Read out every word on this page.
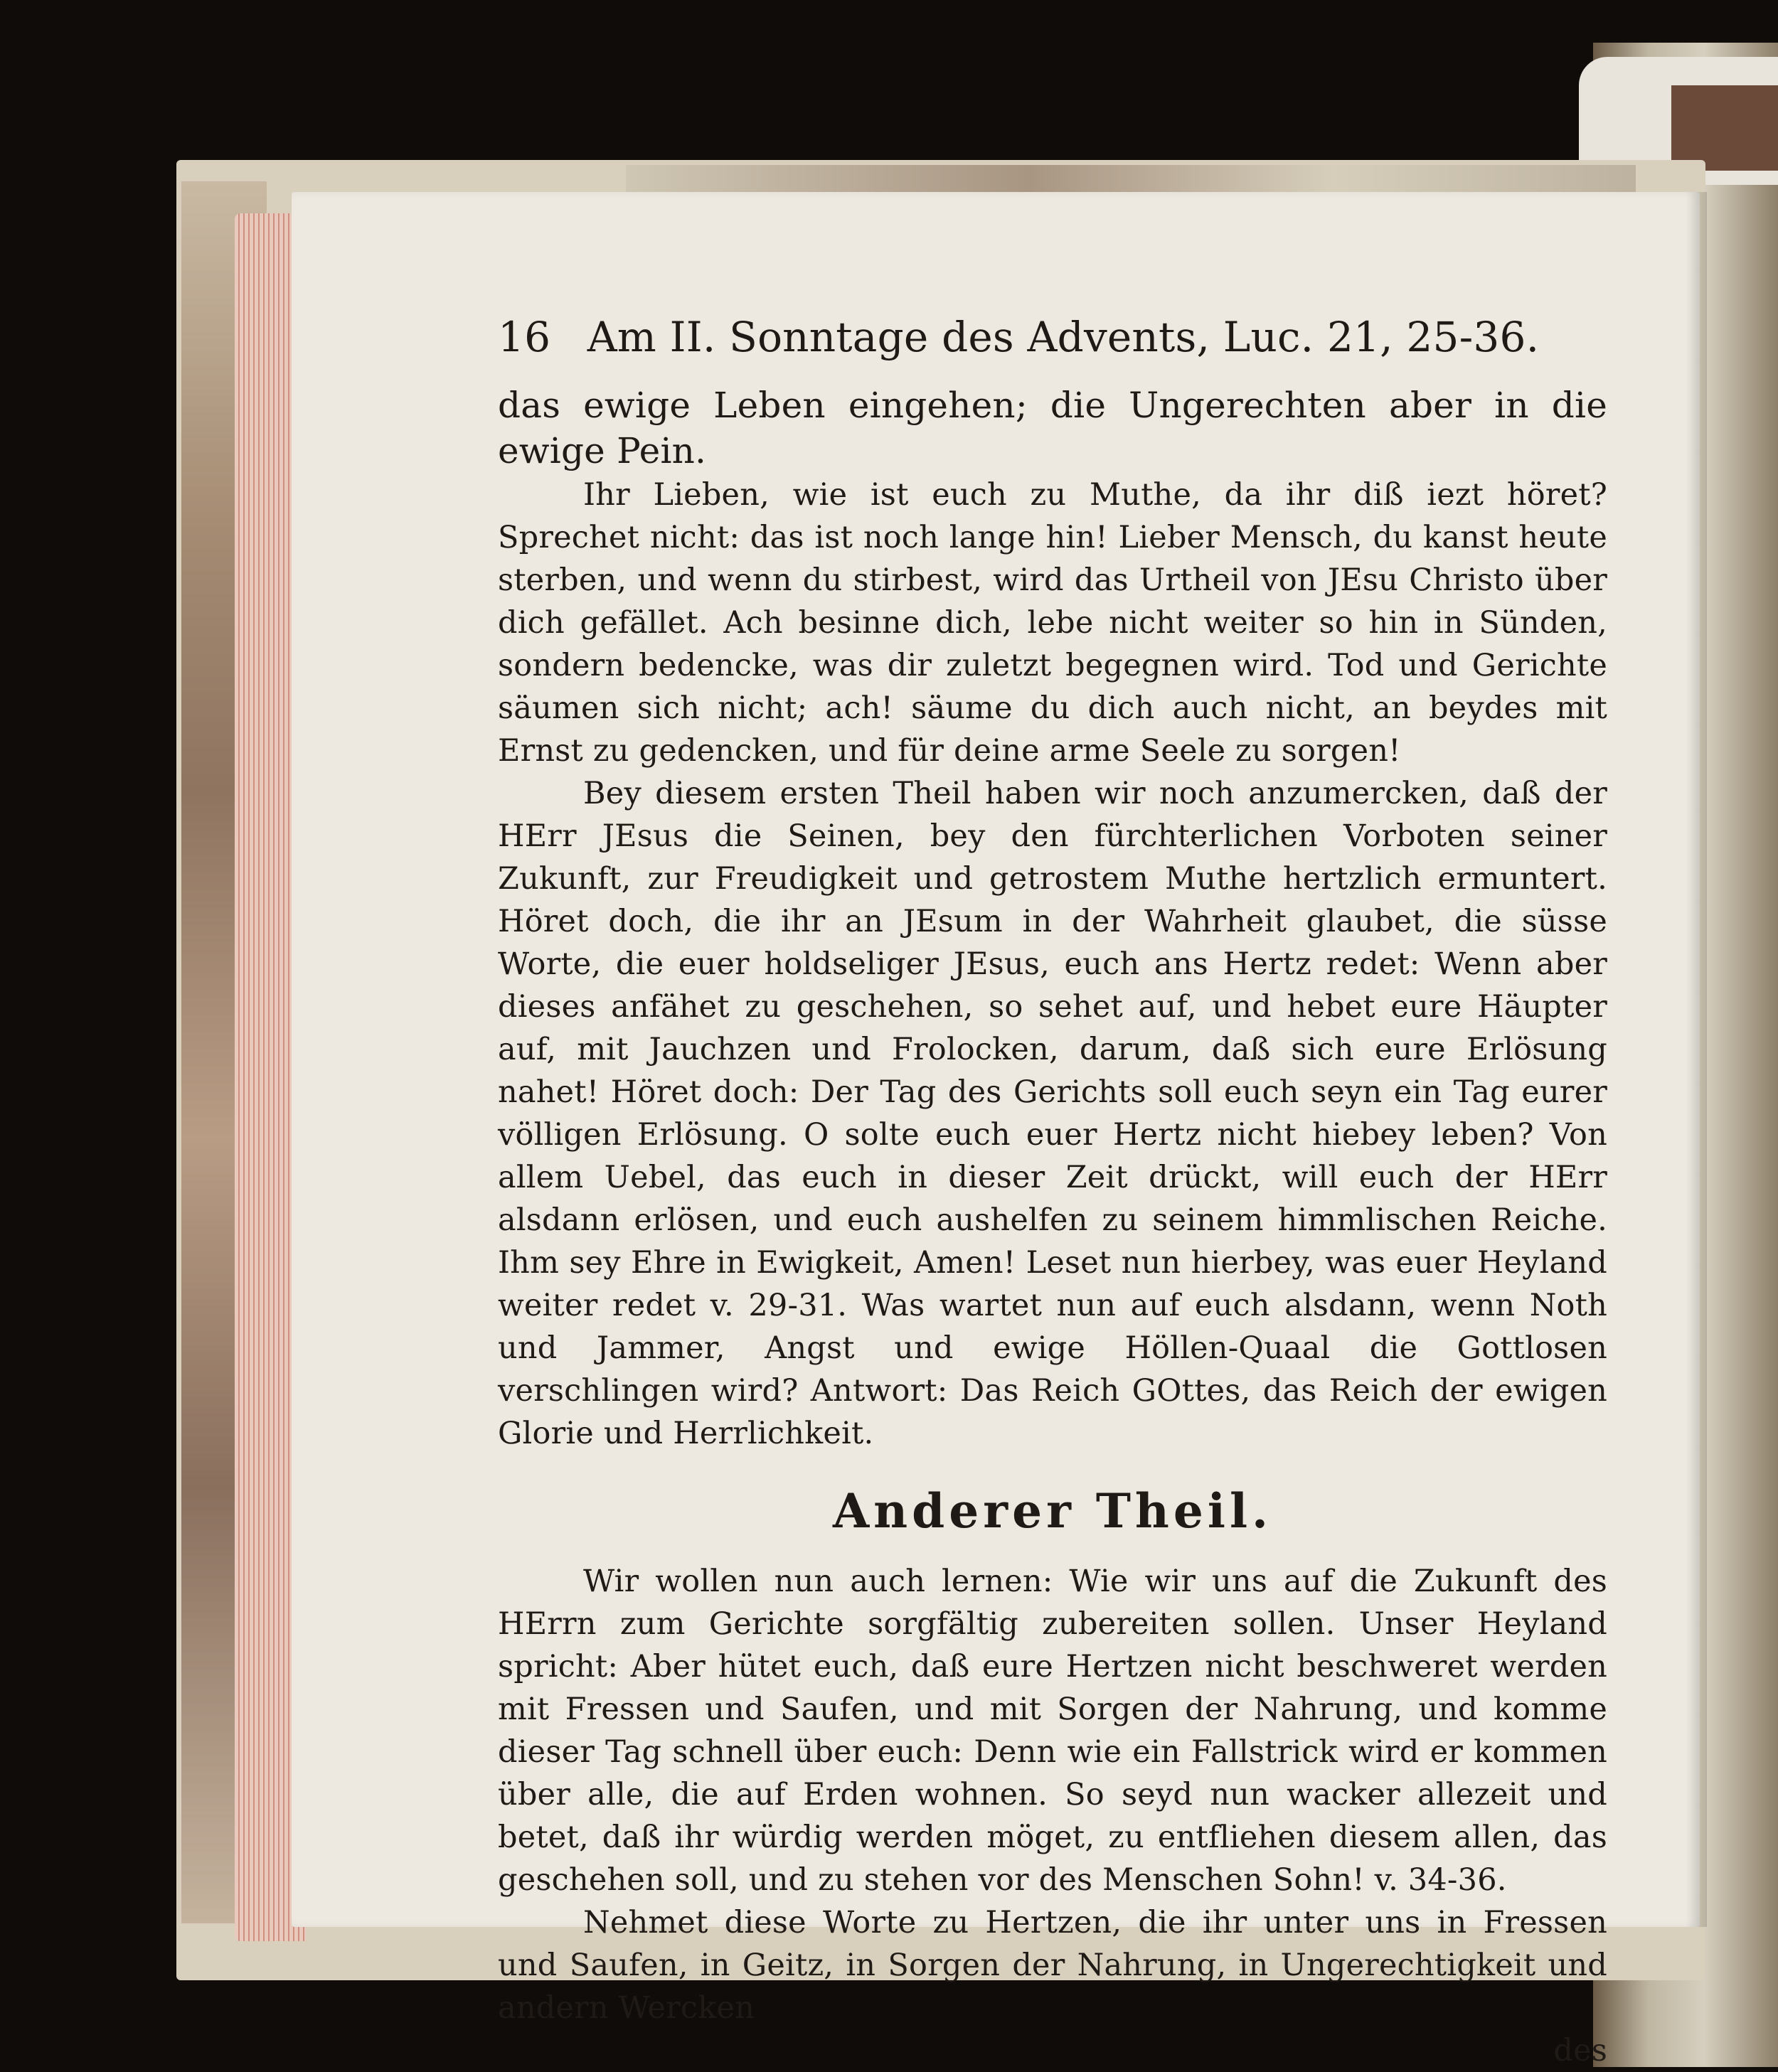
16 Am II. Sonntage des Advents, Luc. 21, 25-36.

das ewige Leben eingehen; die Ungerechten aber in die ewige Pein.

Ihr Lieben, wie ist euch zu Muthe, da ihr diß iezt höret? Sprechet nicht: das ist noch lange hin! Lieber Mensch, du kanst heute sterben, und wenn du stirbest, wird das Urtheil von JEsu Christo über dich gefället. Ach besinne dich, lebe nicht weiter so hin in Sünden, sondern bedencke, was dir zuletzt begegnen wird. Tod und Gerichte säumen sich nicht; ach! säume du dich auch nicht, an beydes mit Ernst zu gedencken, und für deine arme Seele zu sorgen!

Bey diesem ersten Theil haben wir noch anzumercken, daß der HErr JEsus die Seinen, bey den fürchterlichen Vorboten seiner Zukunft, zur Freudigkeit und getrostem Muthe hertzlich ermuntert. Höret doch, die ihr an JEsum in der Wahrheit glaubet, die süsse Worte, die euer holdseliger JEsus, euch ans Hertz redet: Wenn aber dieses anfähet zu geschehen, so sehet auf, und hebet eure Häupter auf, mit Jauchzen und Frolocken, darum, daß sich eure Erlösung nahet! Höret doch: Der Tag des Gerichts soll euch seyn ein Tag eurer völligen Erlösung. O solte euch euer Hertz nicht hiebey leben? Von allem Uebel, das euch in dieser Zeit drückt, will euch der HErr alsdann erlösen, und euch aushelfen zu seinem himmlischen Reiche. Ihm sey Ehre in Ewigkeit, Amen! Leset nun hierbey, was euer Heyland weiter redet v. 29-31. Was wartet nun auf euch alsdann, wenn Noth und Jammer, Angst und ewige Höllen-Quaal die Gottlosen verschlingen wird? Antwort: Das Reich GOttes, das Reich der ewigen Glorie und Herrlichkeit.

Anderer Theil.

Wir wollen nun auch lernen: Wie wir uns auf die Zukunft des HErrn zum Gerichte sorgfältig zubereiten sollen. Unser Heyland spricht: Aber hütet euch, daß eure Hertzen nicht beschweret werden mit Fressen und Saufen, und mit Sorgen der Nahrung, und komme dieser Tag schnell über euch: Denn wie ein Fallstrick wird er kommen über alle, die auf Erden wohnen. So seyd nun wacker allezeit und betet, daß ihr würdig werden möget, zu entfliehen diesem allen, das geschehen soll, und zu stehen vor des Menschen Sohn! v. 34-36.

Nehmet diese Worte zu Hertzen, die ihr unter uns in Fressen und Saufen, in Geitz, in Sorgen der Nahrung, in Ungerechtigkeit und andern Wercken

des
